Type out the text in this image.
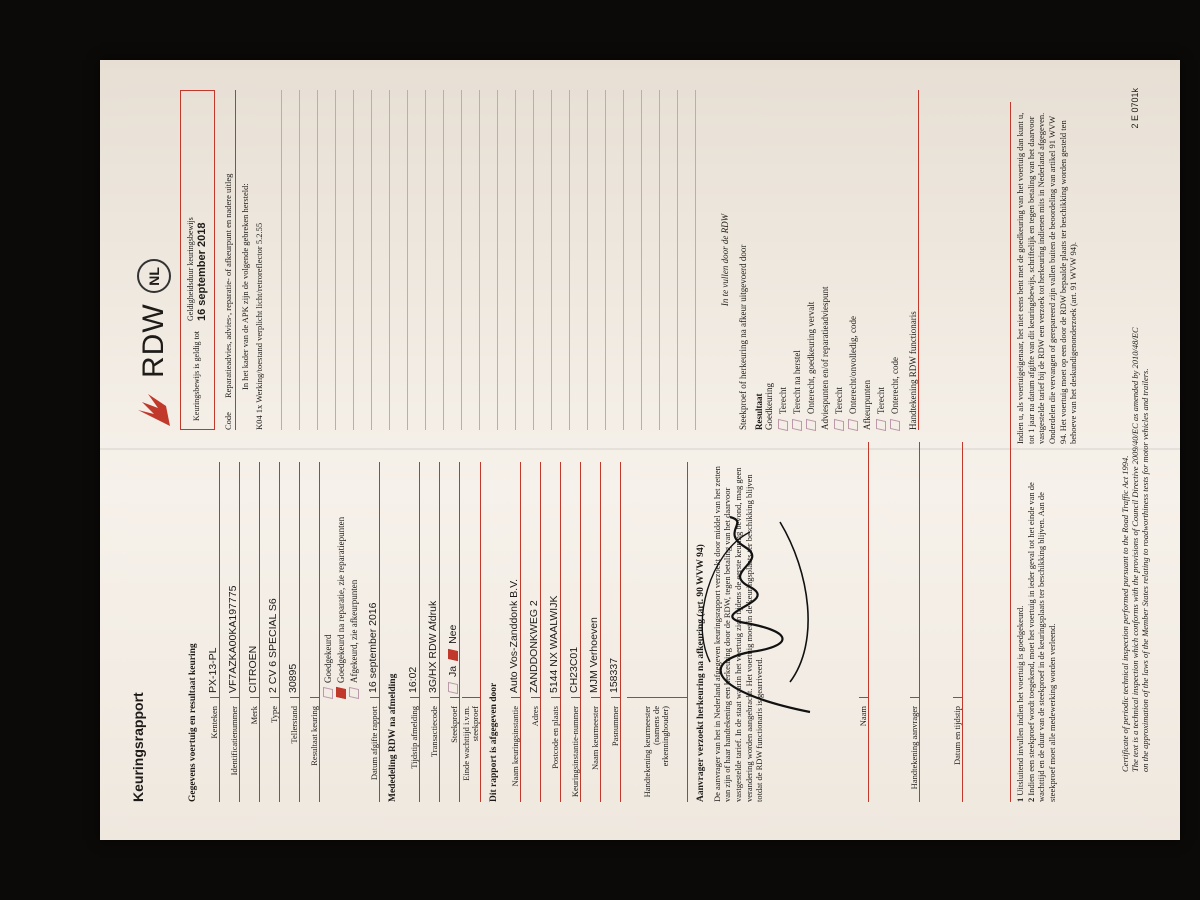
Keuringsrapport
RDW
NL
Gegevens voertuig en resultaat keuring Kenteken
PX-13-PL
Identificatienummer
VF7AZKA00KA197775
Merk
CITROEN
Type
2 CV 6 SPECIAL S6
Tellerstand
30895
Resultaat keuring
Goedgekeurd Goedgekeurd na reparatie, zie reparatiepunten Afgekeurd, zie afkeurpunten
Datum afgifte rapport
16 september 2016
Mededeling RDW na afmelding Tijdstip afmelding
16:02
Transactiecode
3G/HX RDW Afdruk
Steekproef
Ja
Nee
Einde wachttijd i.v.m. steekproef Dit rapport is afgegeven door Naam keuringsinstantie
Auto Vos-Zanddonk B.V.
Adres
ZANDDONKWEG 2
Postcode en plaats
5144 NX WAALWIJK
Keuringsinstantie-nummer
CH23C01
Naam keurmeester
MJM Verhoeven
Pasnummer
158337
Handtekening keurmeester (namens de erkenninghouder)	Aanvrager verzoekt herkeuring na afkeuring (art. 90 WVW 94) De aanvrager van het in Nederland afgegeven keuringsrapport verzoekt door middel van het zetten van zijn of haar handtekening een herkeuring door de RDW, tegen betaling van het daarvoor vastgestelde tarief. In de staat waarin het voertuig zich tijdens de eerste keuring bevond, mag geen verandering worden aangebracht. Het voertuig moet in de keuringsplaats ter beschikking blijven totdat de RDW functionaris is gearriveerd.
Keuringsbewijs is geldig tot
Geldigheidsduur keuringsbewijs 16 september 2018
Code
Reparatieadvies, advies-, reparatie- of afkeurpunt en nadere uitleg In het kader van de APK zijn de volgende gebreken hersteld: K04 1x Werking/toestand verplicht licht/retroreflector 5.2.55	In te vullen door de RDW Steekproef of herkeuring na afkeur uitgevoerd door Resultaat Goedkeuring Terecht Terecht na herstel Onterecht, goedkeuring vervalt Adviespunten en/of reparatieadviespunt Terecht Onterecht/onvolledig, code Afkeurpunten Terecht Onterecht, code Handtekening RDW functionaris
Naam	Handtekening aanvrager	Datum en tijdstip
1 Uitsluitend invullen indien het voertuig is goedgekeurd.
2 Indien een steekproef wordt toegekend, moet het voertuig in ieder geval tot het einde van de wachttijd en de duur van de steekproef in de keuringsplaats ter beschikking blijven. Aan de steekproef moet alle medewerking worden verleend.
Indien u, als voertuigeigenaar, het niet eens bent met de goedkeuring van het voertuig dan kunt u, tot 1 jaar na datum afgifte van dit keuringsbewijs, schriftelijk en tegen betaling van het daarvoor vastgestelde tarief bij de RDW een verzoek tot herkeuring indienen mits in Nederland afgegeven. Onderdelen die vervangen of gerepareerd zijn vallen buiten de beoordeling van artikel 91 WVW 94. Het voertuig moet op een door de RDW bepaalde plaats ter beschikking worden gesteld ten behoeve van het deskundigenonderzoek (art. 91 WVW 94).
Certificate of periodic technical inspection performed pursuant to the Road Traffic Act 1994. The text is a technical inspection which conforms with the provisions of Council Directive 2009/40/EC as amended by 2010/48/EC on the approximation of the laws of the Member States relating to roadworthiness tests for motor vehicles and trailers.
2 E 0701k
